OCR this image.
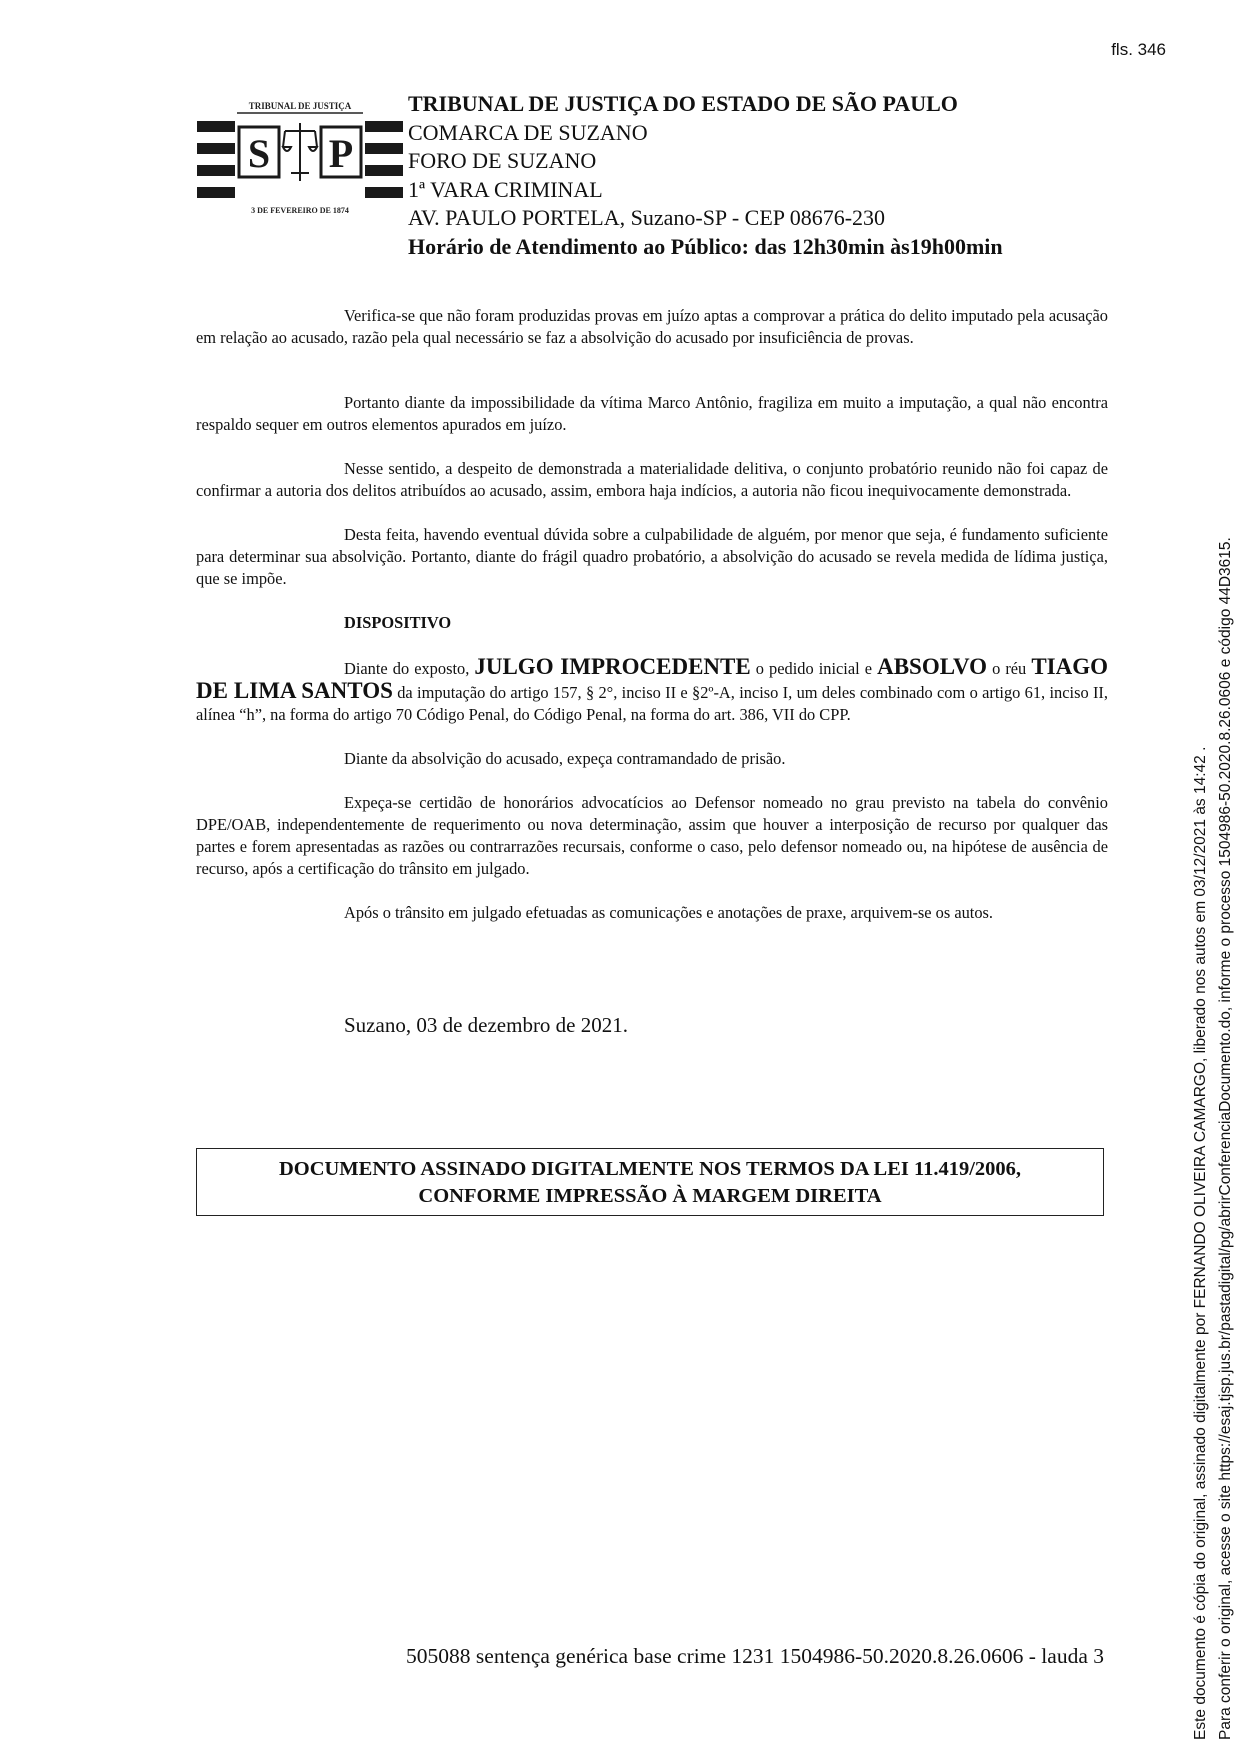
fls. 346
TRIBUNAL DE JUSTIÇA
S P
3 DE FEVEREIRO DE 1874
TRIBUNAL DE JUSTIÇA DO ESTADO DE SÃO PAULO
COMARCA DE SUZANO
FORO DE SUZANO
1ª VARA CRIMINAL
AV. PAULO PORTELA, Suzano-SP - CEP 08676-230
Horário de Atendimento ao Público: das 12h30min às19h00min

Verifica-se que não foram produzidas provas em juízo aptas a comprovar a prática do delito imputado pela acusação em relação ao acusado, razão pela qual necessário se faz a absolvição do acusado por insuficiência de provas.

Portanto diante da impossibilidade da vítima Marco Antônio, fragiliza em muito a imputação, a qual não encontra respaldo sequer em outros elementos apurados em juízo.

Nesse sentido, a despeito de demonstrada a materialidade delitiva, o conjunto probatório reunido não foi capaz de confirmar a autoria dos delitos atribuídos ao acusado, assim, embora haja indícios, a autoria não ficou inequivocamente demonstrada.

Desta feita, havendo eventual dúvida sobre a culpabilidade de alguém, por menor que seja, é fundamento suficiente para determinar sua absolvição. Portanto, diante do frágil quadro probatório, a absolvição do acusado se revela medida de lídima justiça, que se impõe.

DISPOSITIVO

Diante do exposto, JULGO IMPROCEDENTE o pedido inicial e ABSOLVO o réu TIAGO DE LIMA SANTOS da imputação do artigo 157, § 2°, inciso II e §2º-A, inciso I, um deles combinado com o artigo 61, inciso II, alínea “h”, na forma do artigo 70 Código Penal, do Código Penal, na forma do art. 386, VII do CPP.

Diante da absolvição do acusado, expeça contramandado de prisão.

Expeça-se certidão de honorários advocatícios ao Defensor nomeado no grau previsto na tabela do convênio DPE/OAB, independentemente de requerimento ou nova determinação, assim que houver a interposição de recurso por qualquer das partes e forem apresentadas as razões ou contrarrazões recursais, conforme o caso, pelo defensor nomeado ou, na hipótese de ausência de recurso, após a certificação do trânsito em julgado.

Após o trânsito em julgado efetuadas as comunicações e anotações de praxe, arquivem-se os autos.

Suzano, 03 de dezembro de 2021.
DOCUMENTO ASSINADO DIGITALMENTE NOS TERMOS DA LEI 11.419/2006,
CONFORME IMPRESSÃO À MARGEM DIREITA
505088 sentença genérica base crime 1231 1504986-50.2020.8.26.0606 - lauda 3	Este documento é cópia do original, assinado digitalmente por FERNANDO OLIVEIRA CAMARGO, liberado nos autos em 03/12/2021 às 14:42 . Para conferir o original, acesse o site https://esaj.tjsp.jus.br/pastadigital/pg/abrirConferenciaDocumento.do, informe o processo 1504986-50.2020.8.26.0606 e código 44D3615.
